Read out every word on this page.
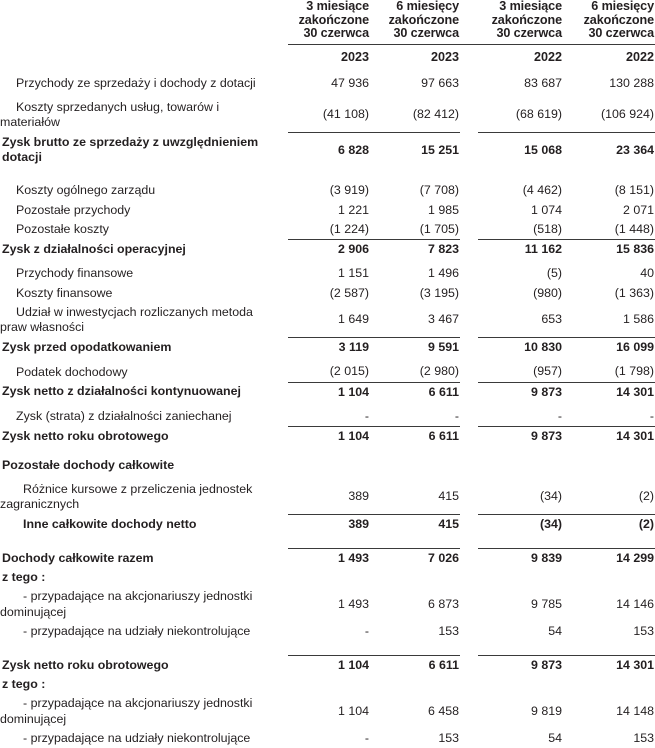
	3 miesiące
zakończone
30 czerwca	6 miesięcy
zakończone
30 czerwca		3 miesiące
zakończone
30 czerwca	6 miesięcy
zakończone
30 czerwca
	2023	2023		2022	2022

Przychody ze sprzedaży i dochody z dotacji	47 936	97 663		83 687	130 288

Koszty sprzedanych usług, towarów i materiałów	(41 108)	(82 412)		(68 619)	(106 924)
Zysk brutto ze sprzedaży z uwzględnieniem dotacji	6 828	15 251		15 068	23 364

Koszty ogólnego zarządu	(3 919)	(7 708)		(4 462)	(8 151)
Pozostałe przychody	1 221	1 985		1 074	2 071
Pozostałe koszty	(1 224)	(1 705)		(518)	(1 448)
Zysk z działalności operacyjnej	2 906	7 823		11 162	15 836

Przychody finansowe	1 151	1 496		(5)	40
Koszty finansowe	(2 587)	(3 195)		(980)	(1 363)
Udział w inwestycjach rozliczanych metoda praw własności	1 649	3 467		653	1 586
Zysk przed opodatkowaniem	3 119	9 591		10 830	16 099

Podatek dochodowy	(2 015)	(2 980)		(957)	(1 798)
Zysk netto z działalności kontynuowanej	1 104	6 611		9 873	14 301

Zysk (strata) z działalności zaniechanej	-	-		-	-
Zysk netto roku obrotowego	1 104	6 611		9 873	14 301

Pozostałe dochody całkowite					

Różnice kursowe z przeliczenia jednostek zagranicznych	389	415		(34)	(2)
Inne całkowite dochody netto	389	415		(34)	(2)

Dochody całkowite razem	1 493	7 026		9 839	14 299
z tego :					
- przypadające na akcjonariuszy jednostki dominującej	1 493	6 873		9 785	14 146
- przypadające na udziały niekontrolujące	-	153		54	153

Zysk netto roku obrotowego	1 104	6 611		9 873	14 301
z tego :					
- przypadające na akcjonariuszy jednostki dominującej	1 104	6 458		9 819	14 148
- przypadające na udziały niekontrolujące	-	153		54	153
